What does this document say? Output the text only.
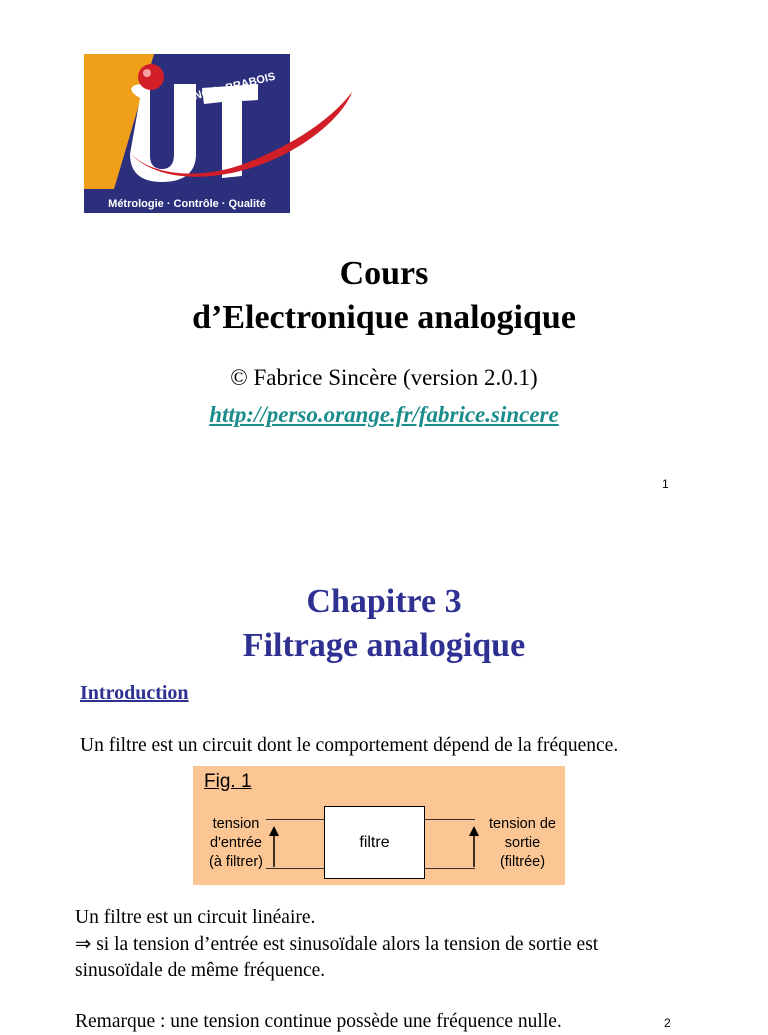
NANCY - BRABOIS
Métrologie · Contrôle · Qualité
Cours
d’Electronique analogique
© Fabrice Sincère (version 2.0.1)
http://perso.orange.fr/fabrice.sincere
1
Chapitre 3
Filtrage analogique
Introduction
Un filtre est un circuit dont le comportement dépend de la fréquence.
Fig. 1
filtre
tension
d'entrée
(à filtrer)
tension de
sortie
(filtrée)
Un filtre est un circuit linéaire.
⇒ si la tension d’entrée est sinusoïdale alors la tension de sortie est
sinusoïdale de même fréquence.
Remarque : une tension continue possède une fréquence nulle.	2
